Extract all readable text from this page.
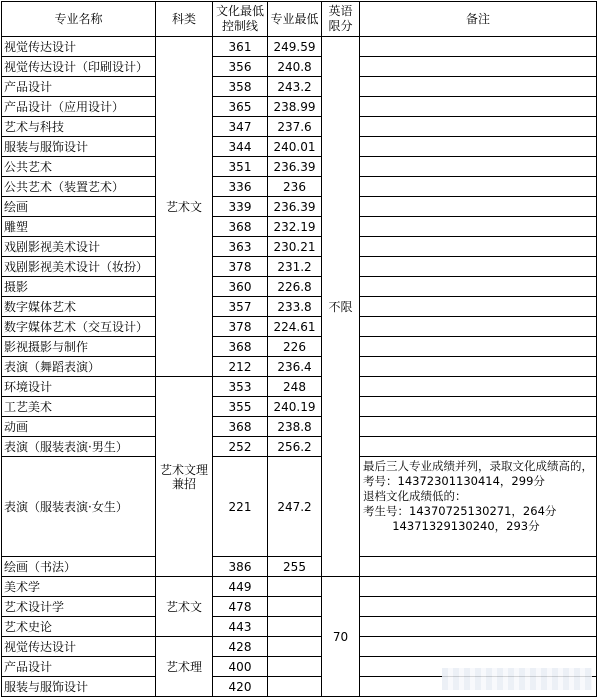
专业名称	科类	文化最低控制线	专业最低	英语限分	备注
视觉传达设计	艺术文	361	249.59	不限	
视觉传达设计（印刷设计）		356	240.8		
产品设计		358	243.2		
产品设计（应用设计）		365	238.99		
艺术与科技		347	237.6		
服装与服饰设计		344	240.01		
公共艺术		351	236.39		
公共艺术（装置艺术）		336	236		
绘画		339	236.39		
雕塑		368	232.19		
戏剧影视美术设计		363	230.21		
戏剧影视美术设计（妆扮）		378	231.2		
摄影		360	226.8		
数字媒体艺术		357	233.8		
数字媒体艺术（交互设计）		378	224.61		
影视摄影与制作		368	226		
表演（舞蹈表演）		212	236.4		
环境设计	艺术文理兼招	353	248		
工艺美术		355	240.19		
动画		368	238.8		
表演（服装表演·男生）		252	256.2		
表演（服装表演·女生）		221	247.2		最后三人专业成绩并列，录取文化成绩高的，考号：14372301130414，299分
退档文化成绩低的：
考生号：14370725130271，264分
14371329130240，293分
绘画（书法）		386	255		
美术学	艺术文	449		70	
艺术设计学		478			
艺术史论		443			
视觉传达设计	艺术理	428			
产品设计		400			
服装与服饰设计		420			
